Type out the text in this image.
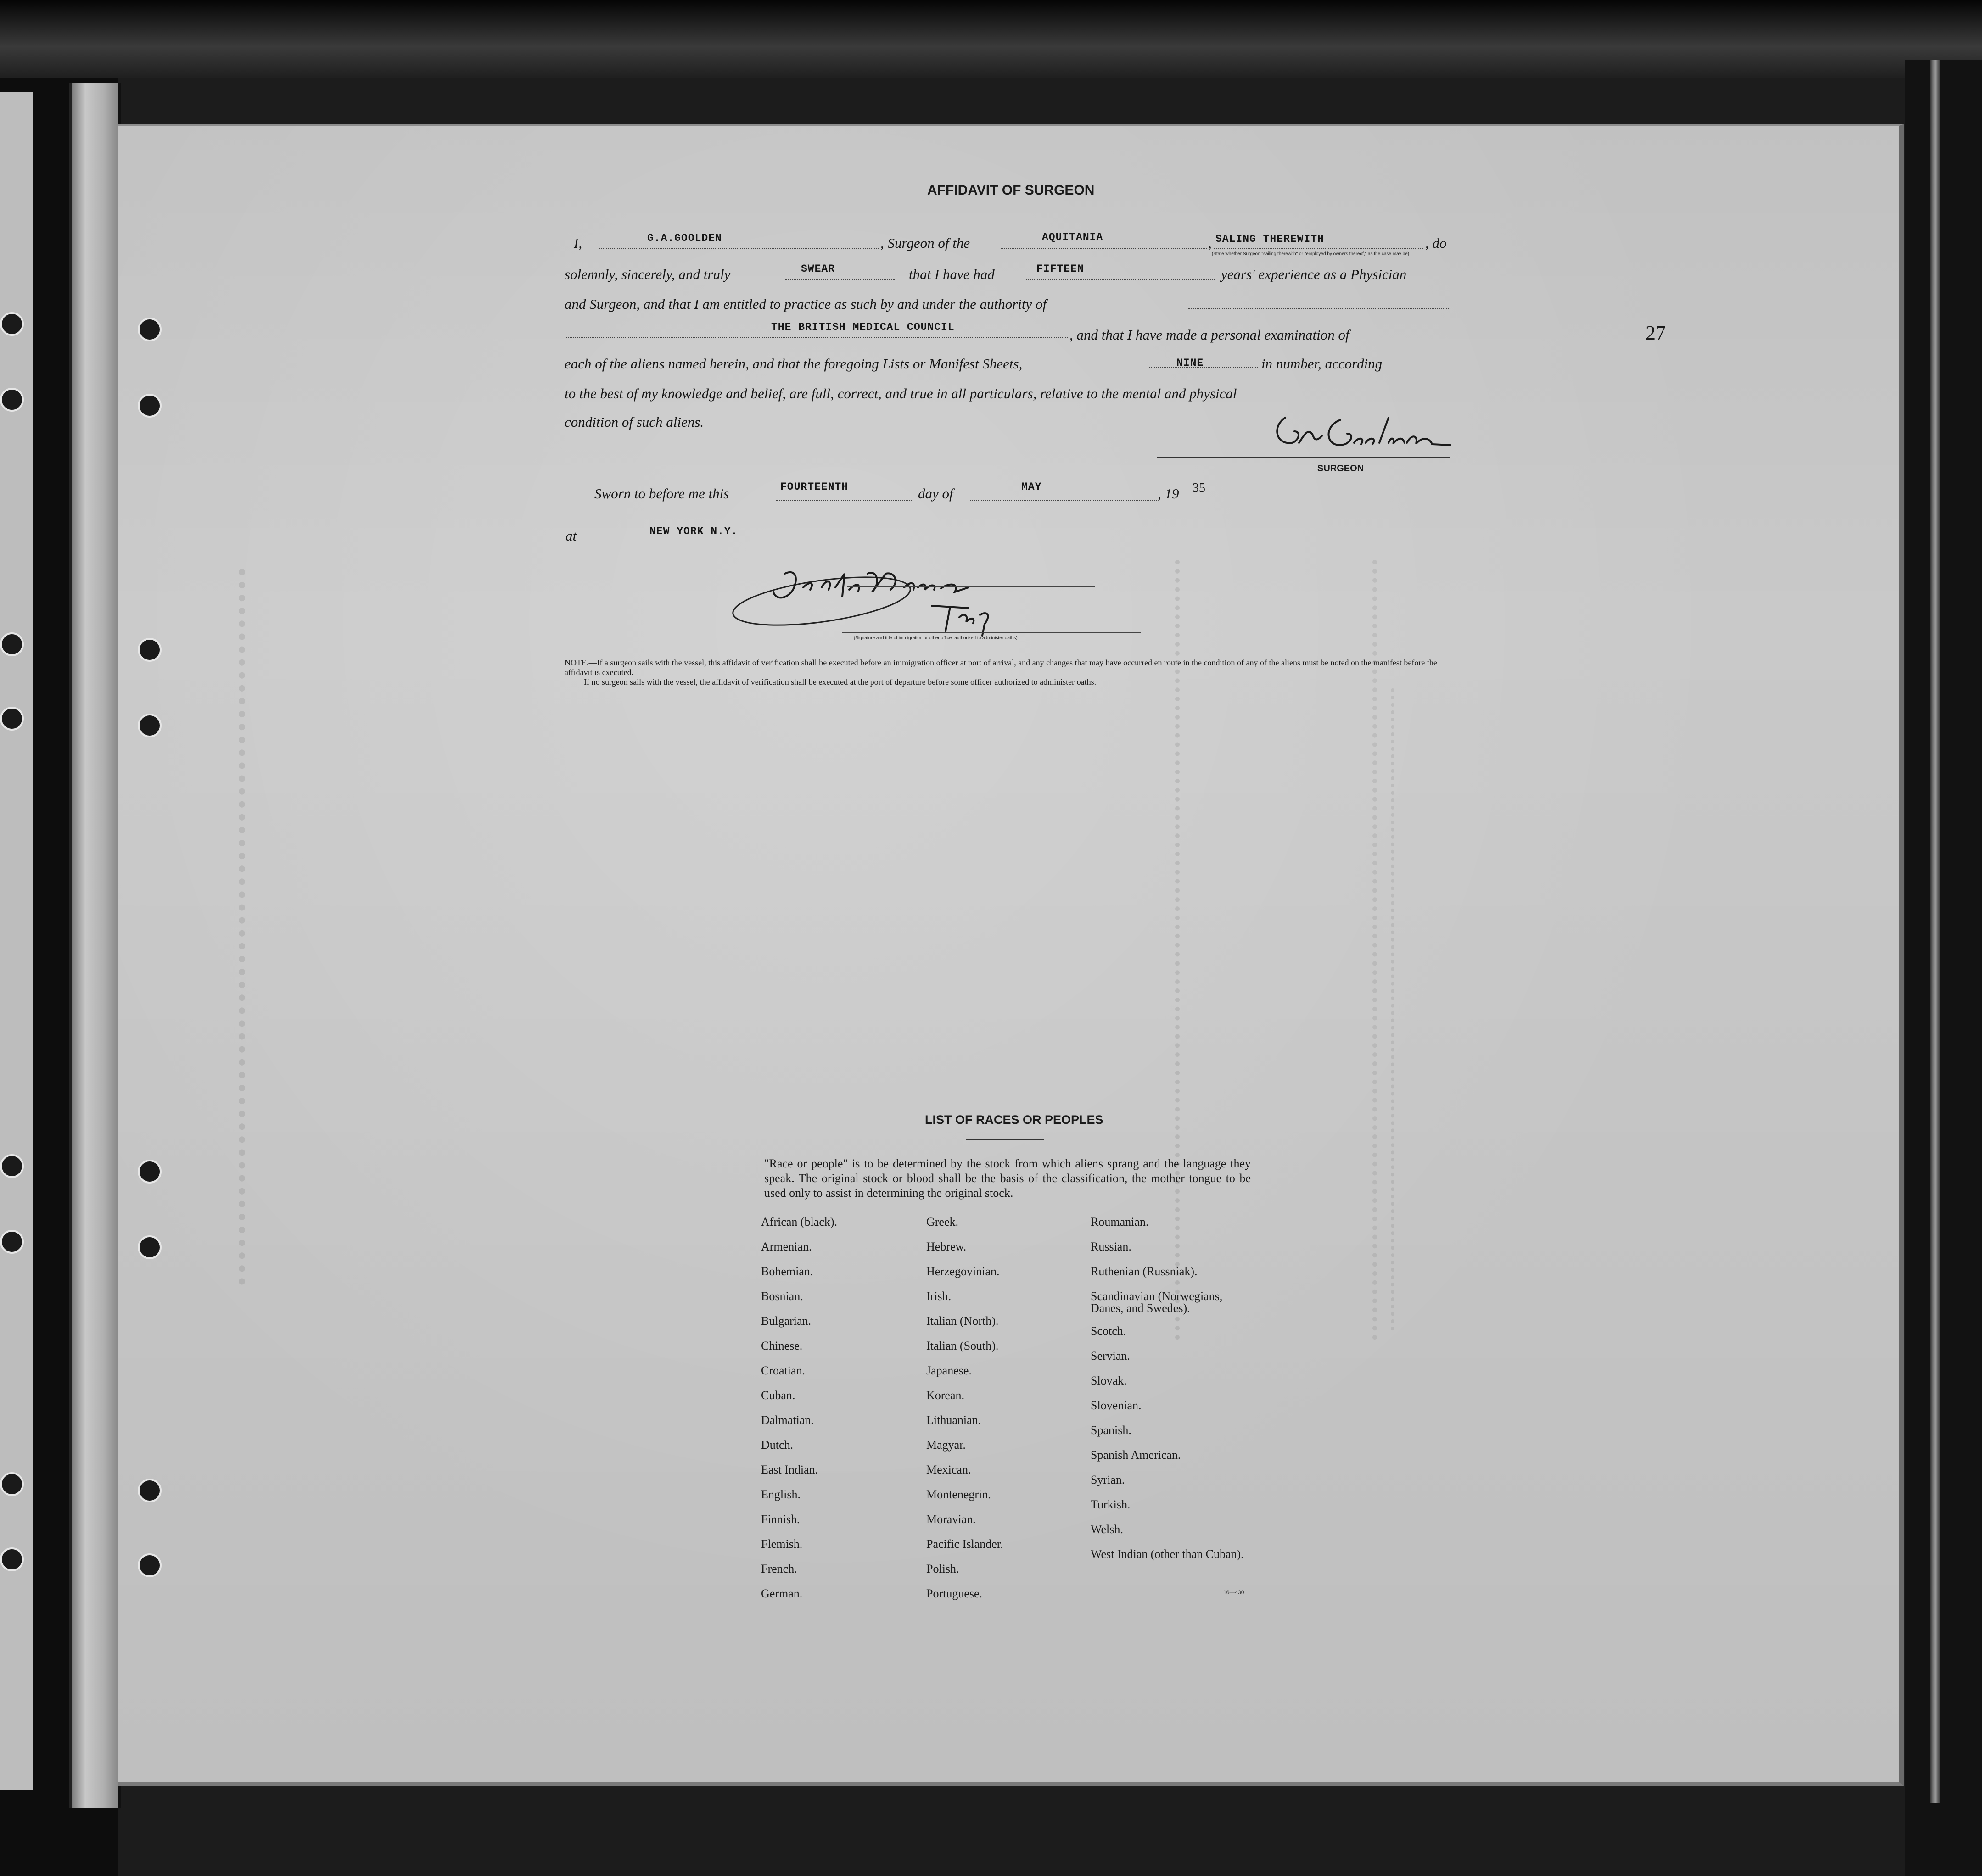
AFFIDAVIT OF SURGEON
I,	G.A.GOOLDEN	, Surgeon of the	AQUITANIA	, SALING THEREWITH	, do
(State whether Surgeon "sailing therewith" or "employed by owners thereof," as the case may be)
solemnly, sincerely, and truly	SWEAR	that I have had	FIFTEEN	years' experience as a Physician
and Surgeon, and that I am entitled to practice as such by and under the authority of
THE BRITISH MEDICAL COUNCIL	, and that I have made a personal examination of
each of the aliens named herein, and that the foregoing Lists or Manifest Sheets,	NINE	in number, according
to the best of my knowledge and belief, are full, correct, and true in all particulars, relative to the mental and physical
condition of such aliens.
SURGEON
Sworn to before me this	FOURTEENTH	day of	MAY	, 19 35
at	NEW YORK N.Y.
(Signature and title of immigration or other officer authorized to administer oaths)
NOTE.—If a surgeon sails with the vessel, this affidavit of verification shall be executed before an immigration officer at port of arrival, and any changes that may have occurred en route in the condition of any of the aliens must be noted on the manifest before the affidavit is executed.
If no surgeon sails with the vessel, the affidavit of verification shall be executed at the port of departure before some officer authorized to administer oaths.
27
LIST OF RACES OR PEOPLES
"Race or people" is to be determined by the stock from which aliens sprang and the language they speak. The original stock or blood shall be the basis of the classification, the mother tongue to be used only to assist in determining the original stock.
African (black).
Armenian.
Bohemian.
Bosnian.
Bulgarian.
Chinese.
Croatian.
Cuban.
Dalmatian.
Dutch.
East Indian.
English.
Finnish.
Flemish.
French.
German.
Greek.
Hebrew.
Herzegovinian.
Irish.
Italian (North).
Italian (South).
Japanese.
Korean.
Lithuanian.
Magyar.
Mexican.
Montenegrin.
Moravian.
Pacific Islander.
Polish.
Portuguese.
Roumanian.
Russian.
Ruthenian (Russniak).
Scandinavian (Norwegians, Danes, and Swedes).
Scotch.
Servian.
Slovak.
Slovenian.
Spanish.
Spanish American.
Syrian.
Turkish.
Welsh.
West Indian (other than Cuban).
16—430
